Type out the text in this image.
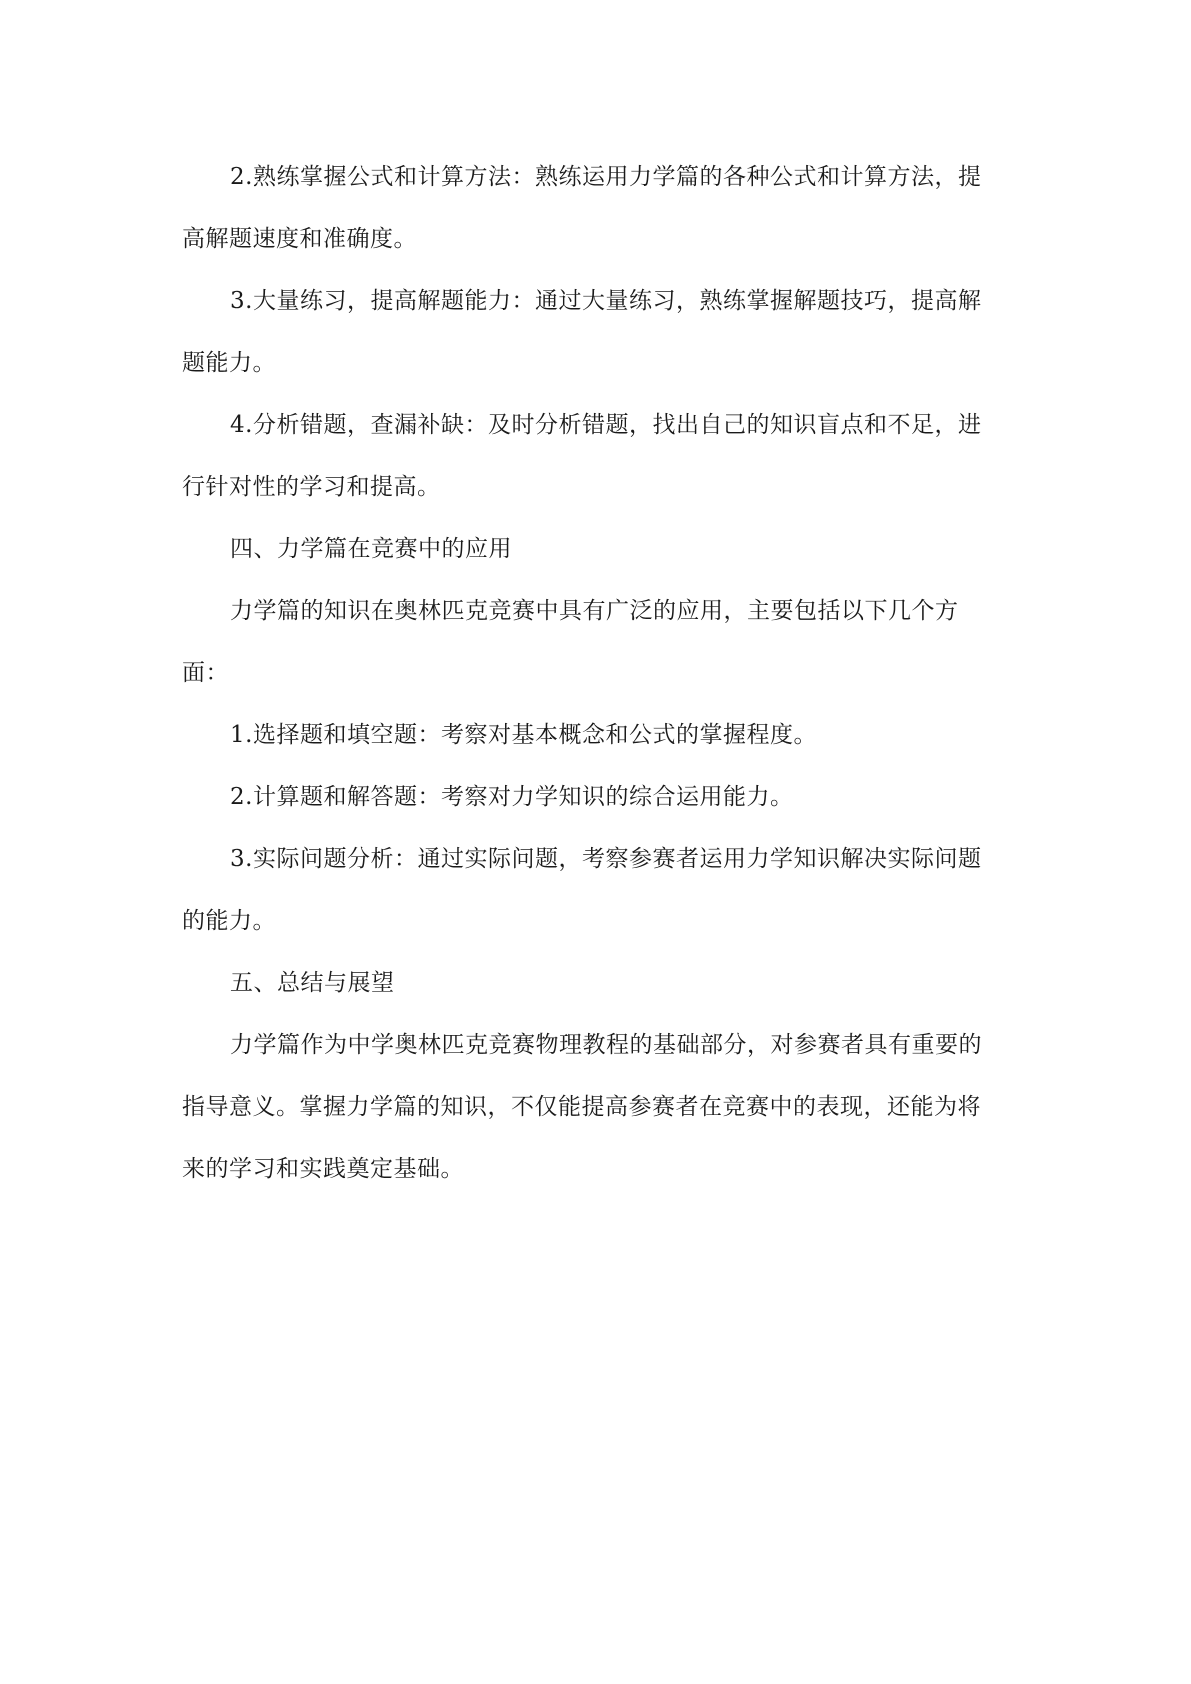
2.熟练掌握公式和计算方法：熟练运用力学篇的各种公式和计算方法，提高解题速度和准确度。

3.大量练习，提高解题能力：通过大量练习，熟练掌握解题技巧，提高解题能力。

4.分析错题，查漏补缺：及时分析错题，找出自己的知识盲点和不足，进行针对性的学习和提高。

四、力学篇在竞赛中的应用

力学篇的知识在奥林匹克竞赛中具有广泛的应用，主要包括以下几个方面：

1.选择题和填空题：考察对基本概念和公式的掌握程度。

2.计算题和解答题：考察对力学知识的综合运用能力。

3.实际问题分析：通过实际问题，考察参赛者运用力学知识解决实际问题的能力。

五、总结与展望

力学篇作为中学奥林匹克竞赛物理教程的基础部分，对参赛者具有重要的指导意义。掌握力学篇的知识，不仅能提高参赛者在竞赛中的表现，还能为将来的学习和实践奠定基础。
